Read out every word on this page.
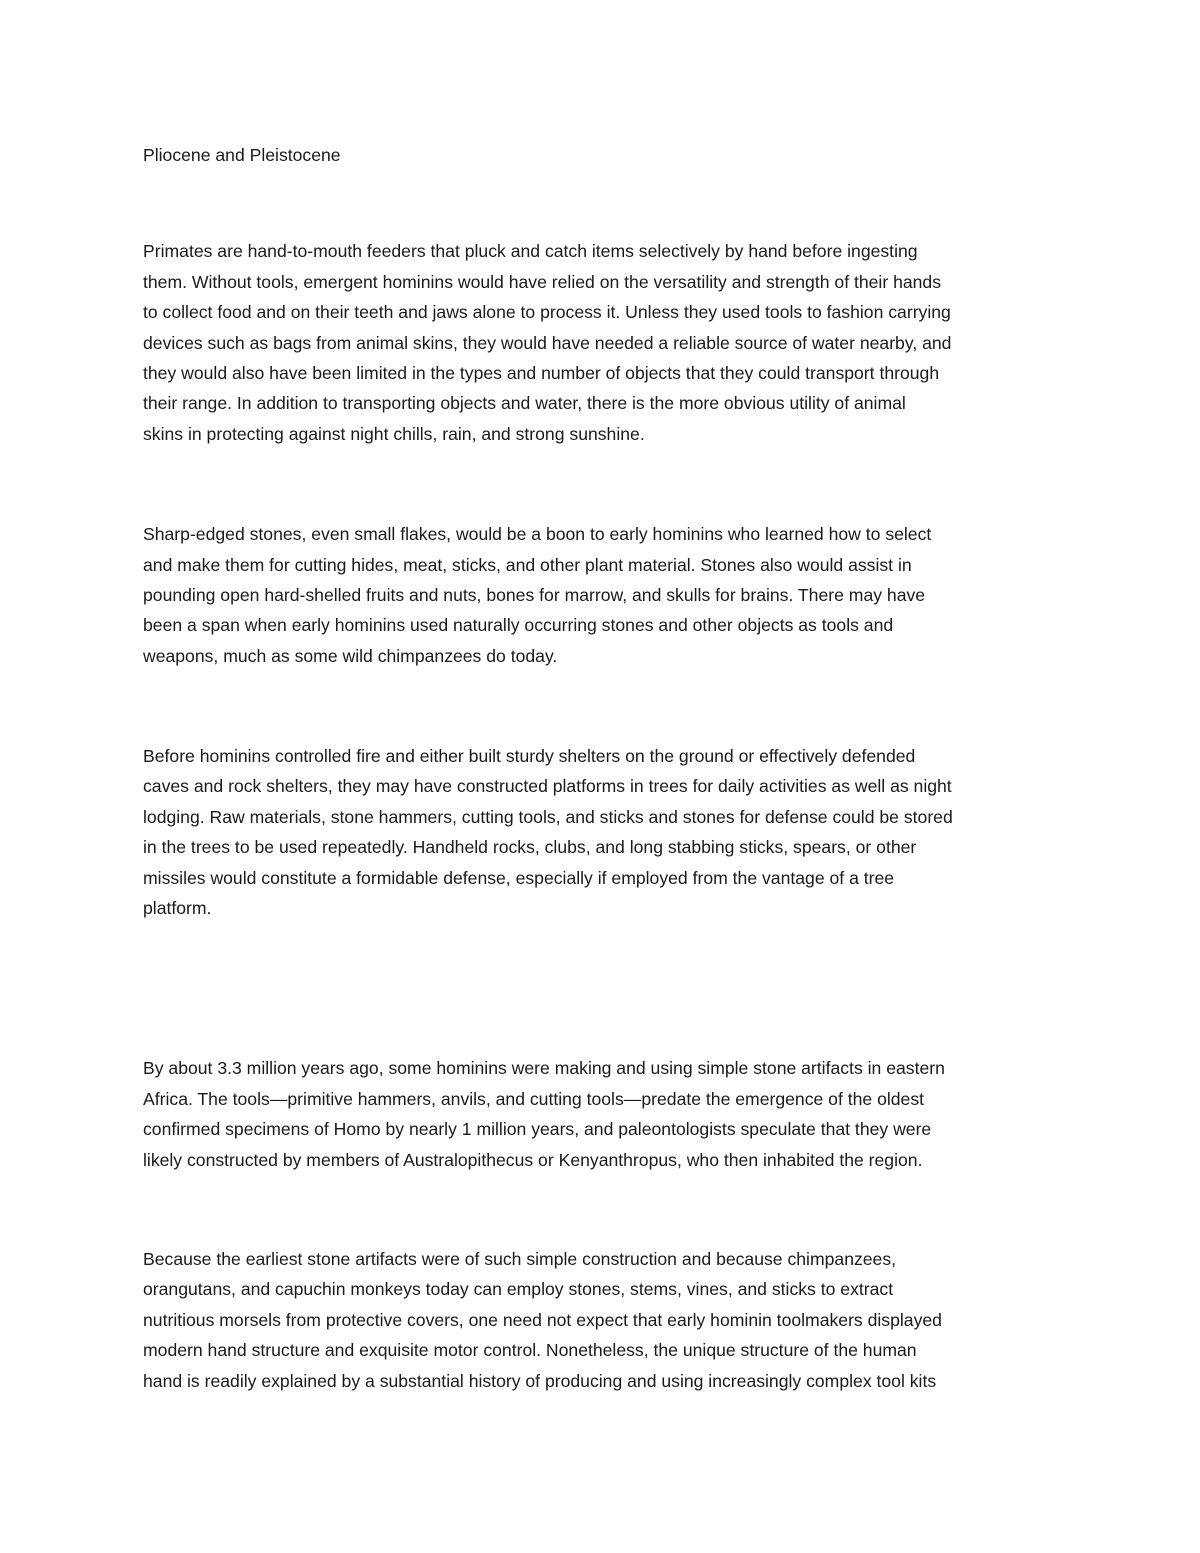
Pliocene and Pleistocene
Primates are hand-to-mouth feeders that pluck and catch items selectively by hand before ingesting
them. Without tools, emergent hominins would have relied on the versatility and strength of their hands
to collect food and on their teeth and jaws alone to process it. Unless they used tools to fashion carrying
devices such as bags from animal skins, they would have needed a reliable source of water nearby, and
they would also have been limited in the types and number of objects that they could transport through
their range. In addition to transporting objects and water, there is the more obvious utility of animal
skins in protecting against night chills, rain, and strong sunshine.
Sharp-edged stones, even small flakes, would be a boon to early hominins who learned how to select
and make them for cutting hides, meat, sticks, and other plant material. Stones also would assist in
pounding open hard-shelled fruits and nuts, bones for marrow, and skulls for brains. There may have
been a span when early hominins used naturally occurring stones and other objects as tools and
weapons, much as some wild chimpanzees do today.
Before hominins controlled fire and either built sturdy shelters on the ground or effectively defended
caves and rock shelters, they may have constructed platforms in trees for daily activities as well as night
lodging. Raw materials, stone hammers, cutting tools, and sticks and stones for defense could be stored
in the trees to be used repeatedly. Handheld rocks, clubs, and long stabbing sticks, spears, or other
missiles would constitute a formidable defense, especially if employed from the vantage of a tree
platform.
By about 3.3 million years ago, some hominins were making and using simple stone artifacts in eastern
Africa. The tools—primitive hammers, anvils, and cutting tools—predate the emergence of the oldest
confirmed specimens of Homo by nearly 1 million years, and paleontologists speculate that they were
likely constructed by members of Australopithecus or Kenyanthropus, who then inhabited the region.
Because the earliest stone artifacts were of such simple construction and because chimpanzees,
orangutans, and capuchin monkeys today can employ stones, stems, vines, and sticks to extract
nutritious morsels from protective covers, one need not expect that early hominin toolmakers displayed
modern hand structure and exquisite motor control. Nonetheless, the unique structure of the human
hand is readily explained by a substantial history of producing and using increasingly complex tool kits
